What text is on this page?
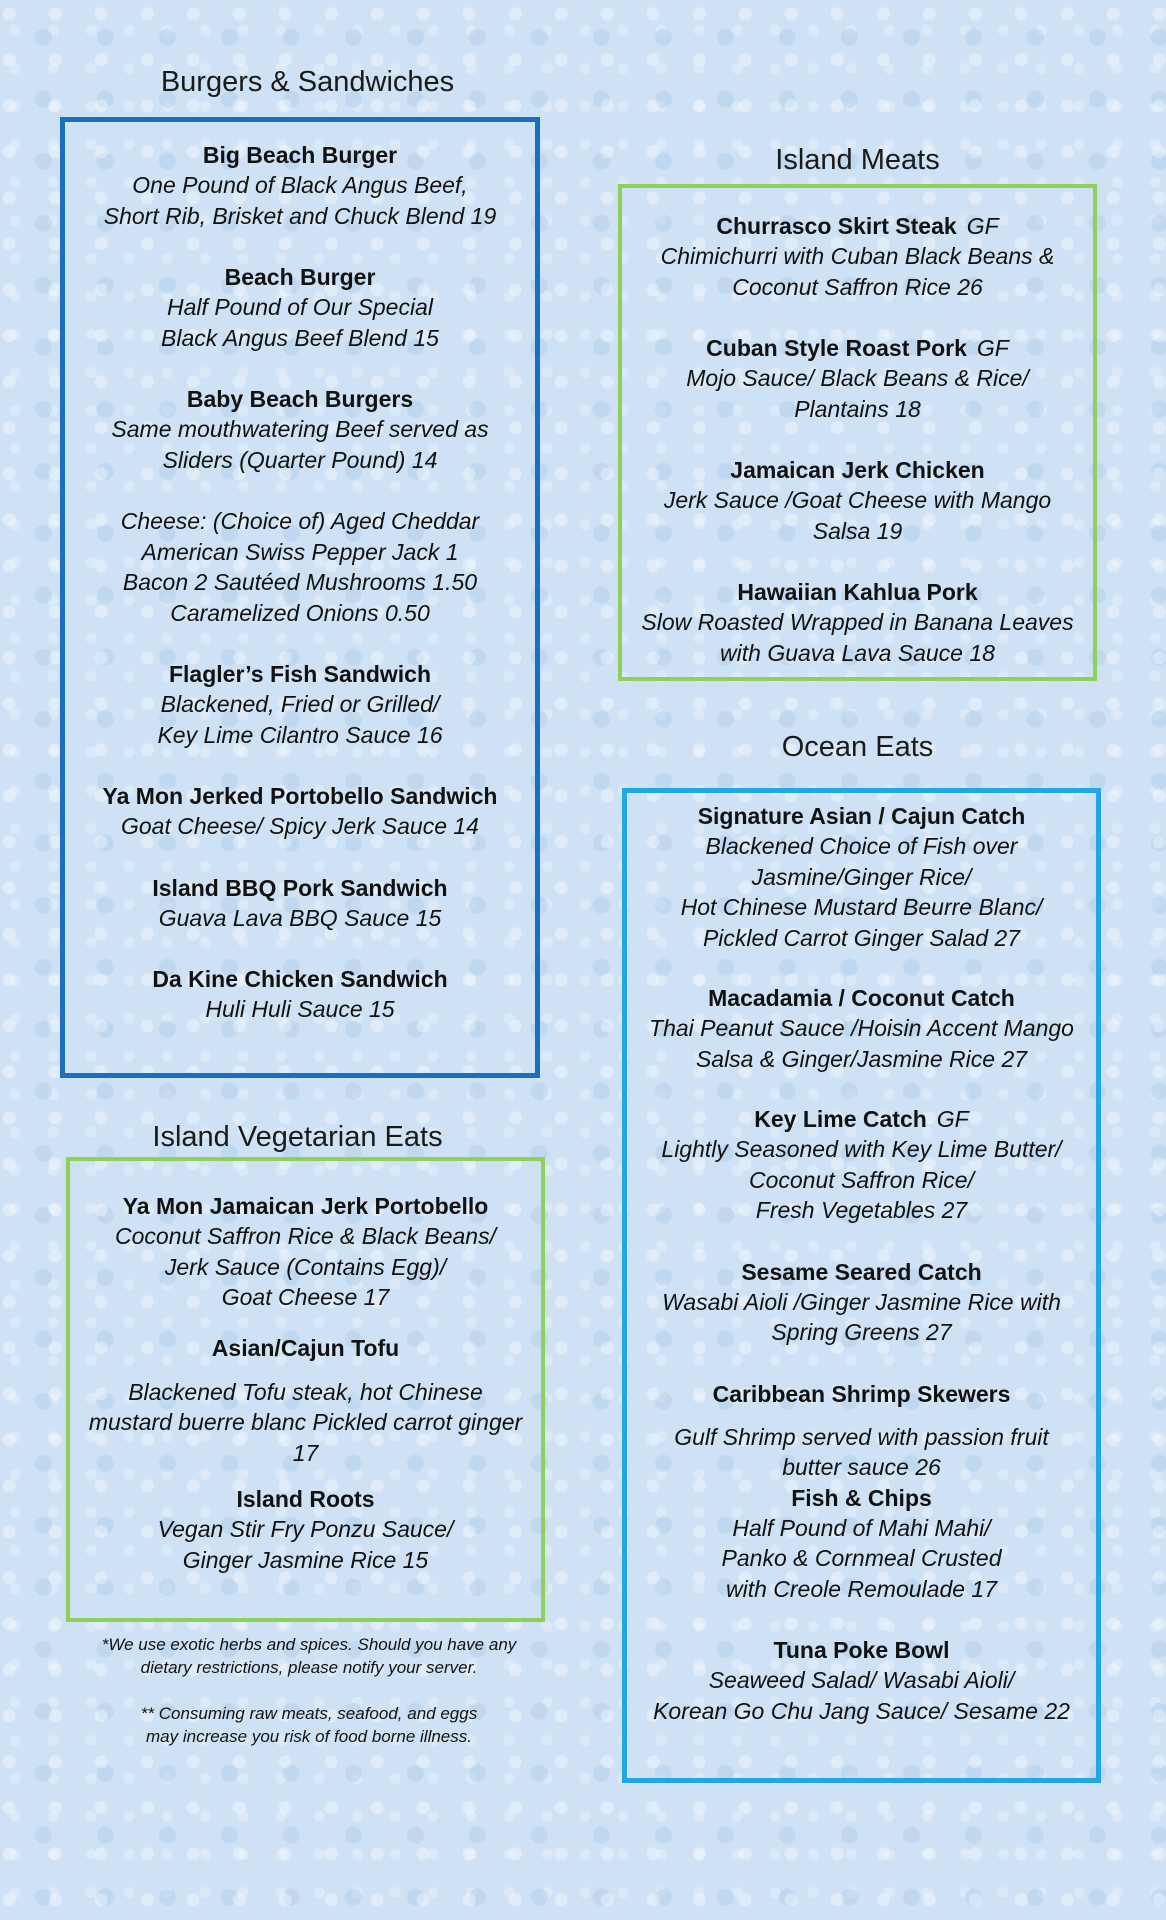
Burgers & Sandwiches
Big Beach Burger
One Pound of Black Angus Beef,
Short Rib, Brisket and Chuck Blend 19
Beach Burger
Half Pound of Our Special
Black Angus Beef Blend 15
Baby Beach Burgers
Same mouthwatering Beef served as
Sliders (Quarter Pound) 14
Cheese: (Choice of) Aged Cheddar
American Swiss Pepper Jack 1
Bacon 2 Sautéed Mushrooms 1.50
Caramelized Onions 0.50
Flagler’s Fish Sandwich
Blackened, Fried or Grilled/
Key Lime Cilantro Sauce 16
Ya Mon Jerked Portobello Sandwich
Goat Cheese/ Spicy Jerk Sauce 14
Island BBQ Pork Sandwich
Guava Lava BBQ Sauce 15
Da Kine Chicken Sandwich
Huli Huli Sauce 15
Island Vegetarian Eats
Ya Mon Jamaican Jerk Portobello
Coconut Saffron Rice & Black Beans/
Jerk Sauce (Contains Egg)/
Goat Cheese 17
Asian/Cajun Tofu
Blackened Tofu steak, hot Chinese
mustard buerre blanc Pickled carrot ginger
17
Island Roots
Vegan Stir Fry Ponzu Sauce/
Ginger Jasmine Rice 15
*We use exotic herbs and spices. Should you have any
dietary restrictions, please notify your server.
** Consuming raw meats, seafood, and eggs
may increase you risk of food borne illness.
Island Meats
Churrasco Skirt Steak GF
Chimichurri with Cuban Black Beans &
Coconut Saffron Rice 26
Cuban Style Roast Pork GF
Mojo Sauce/ Black Beans & Rice/
Plantains 18
Jamaican Jerk Chicken
Jerk Sauce /Goat Cheese with Mango
Salsa 19
Hawaiian Kahlua Pork
Slow Roasted Wrapped in Banana Leaves
with Guava Lava Sauce 18
Ocean Eats
Signature Asian / Cajun Catch
Blackened Choice of Fish over
Jasmine/Ginger Rice/
Hot Chinese Mustard Beurre Blanc/
Pickled Carrot Ginger Salad 27
Macadamia / Coconut Catch
Thai Peanut Sauce /Hoisin Accent Mango
Salsa & Ginger/Jasmine Rice 27
Key Lime Catch GF
Lightly Seasoned with Key Lime Butter/
Coconut Saffron Rice/
Fresh Vegetables 27
Sesame Seared Catch
Wasabi Aioli /Ginger Jasmine Rice with
Spring Greens 27
Caribbean Shrimp Skewers
Gulf Shrimp served with passion fruit
butter sauce 26
Fish & Chips
Half Pound of Mahi Mahi/
Panko & Cornmeal Crusted
with Creole Remoulade 17
Tuna Poke Bowl
Seaweed Salad/ Wasabi Aioli/
Korean Go Chu Jang Sauce/ Sesame 22
